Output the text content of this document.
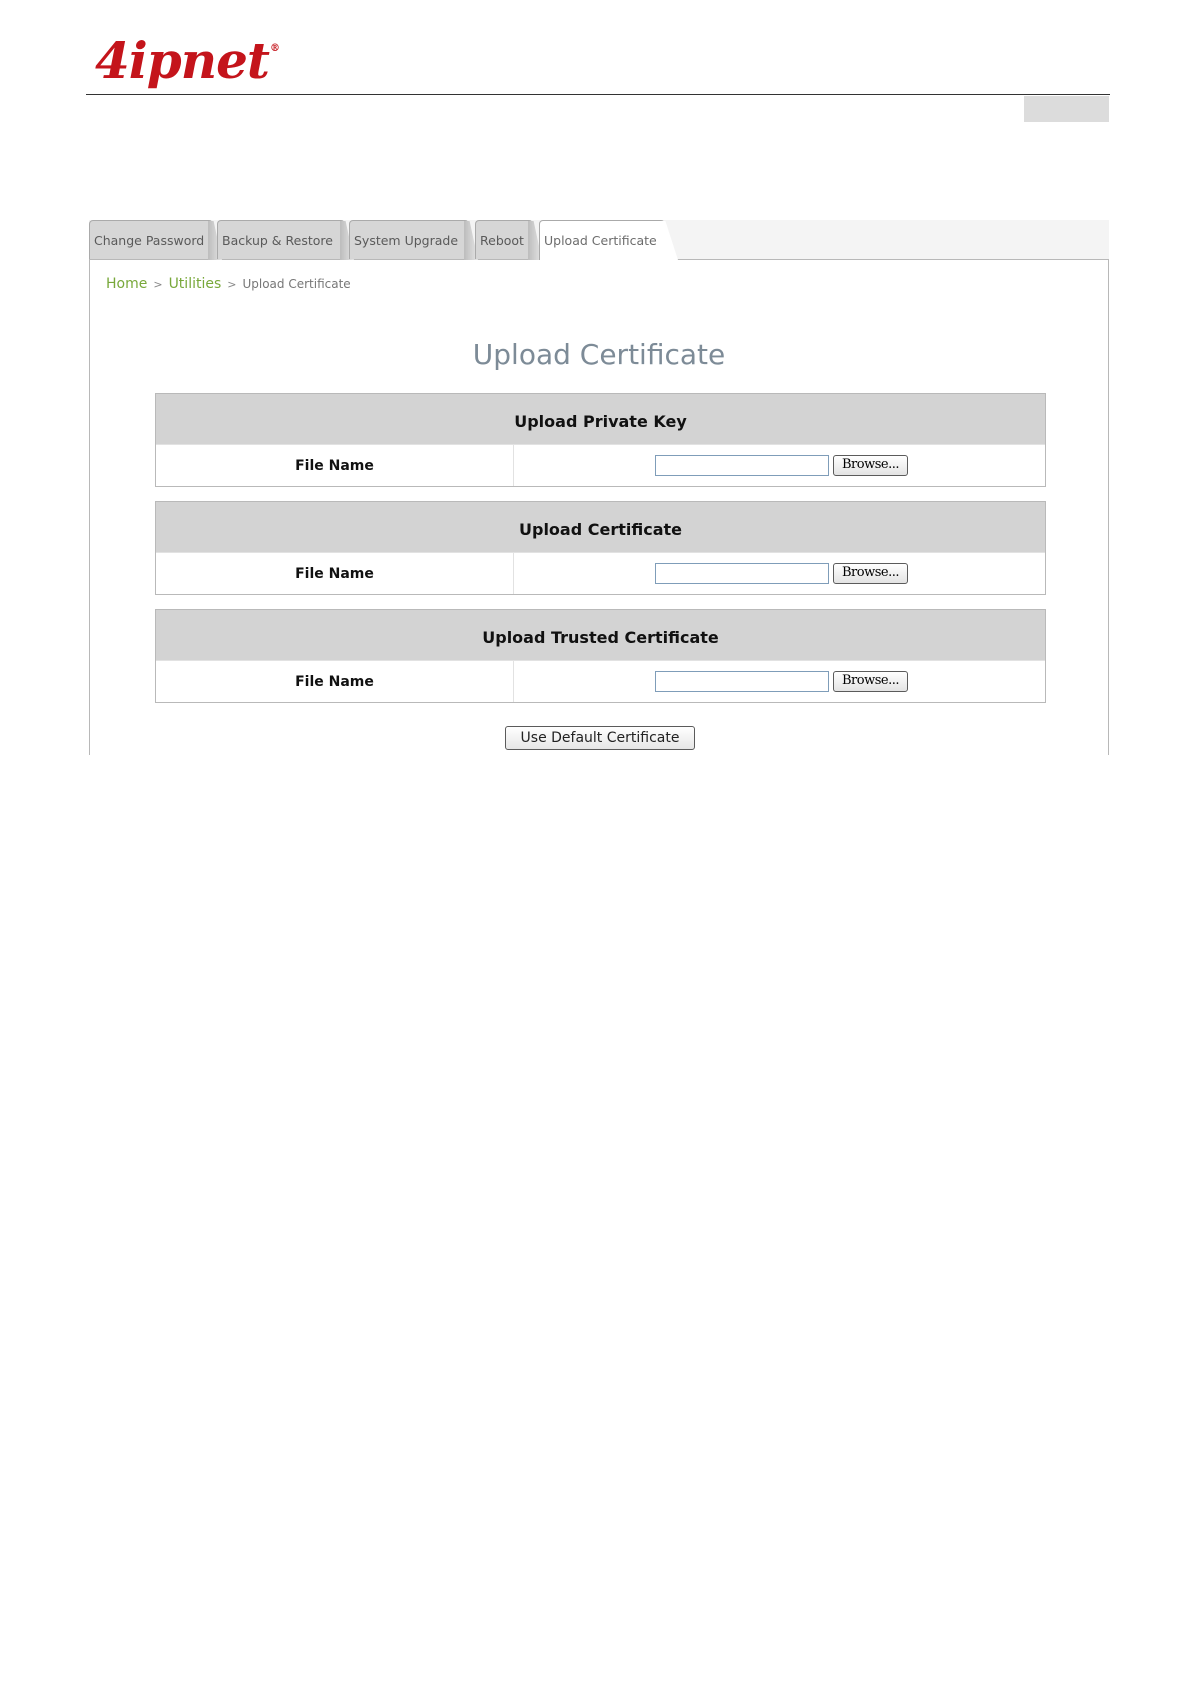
4ipnet®
Change Password	Backup & Restore	System Upgrade	Reboot	Upload Certificate
Home > Utilities > Upload Certificate
Upload Certificate
Upload Private Key
File Name	Browse...
Upload Certificate
File Name	Browse...
Upload Trusted Certificate
File Name	Browse...
Use Default Certificate
